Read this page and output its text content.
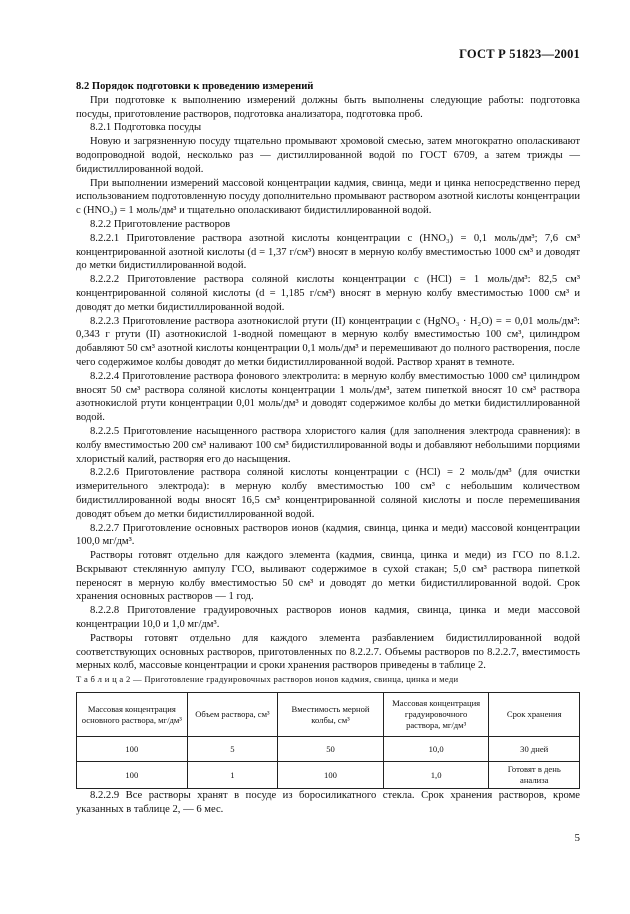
ГОСТ Р 51823—2001

8.2 Порядок подготовки к проведению измерений

При подготовке к выполнению измерений должны быть выполнены следующие работы: подготовка посуды, приготовление растворов, подготовка анализатора, подготовка проб.

8.2.1 Подготовка посуды

Новую и загрязненную посуду тщательно промывают хромовой смесью, затем многократно ополаскивают водопроводной водой, несколько раз — дистиллированной водой по ГОСТ 6709, а затем трижды — бидистиллированной водой.

При выполнении измерений массовой концентрации кадмия, свинца, меди и цинка непосредственно перед использованием подготовленную посуду дополнительно промывают раствором азотной кислоты концентрации c (HNO₃) = 1 моль/дм³ и тщательно ополаскивают бидистиллированной водой.

8.2.2 Приготовление растворов

8.2.2.1 Приготовление раствора азотной кислоты концентрации c (HNO₃) = 0,1 моль/дм³; 7,6 см³ концентрированной азотной кислоты (d = 1,37 г/см³) вносят в мерную колбу вместимостью 1000 см³ и доводят до метки бидистиллированной водой.

8.2.2.2 Приготовление раствора соляной кислоты концентрации c (HCl) = 1 моль/дм³: 82,5 см³ концентрированной соляной кислоты (d = 1,185 г/см³) вносят в мерную колбу вместимостью 1000 см³ и доводят до метки бидистиллированной водой.

8.2.2.3 Приготовление раствора азотнокислой ртути (II) концентрации c (HgNO₃ · H₂O) = = 0,01 моль/дм³: 0,343 г ртути (II) азотнокислой 1-водной помещают в мерную колбу вместимостью 100 см³, цилиндром добавляют 50 см³ азотной кислоты концентрации 0,1 моль/дм³ и перемешивают до полного растворения, после чего содержимое колбы доводят до метки бидистиллированной водой. Раствор хранят в темноте.

8.2.2.4 Приготовление раствора фонового электролита: в мерную колбу вместимостью 1000 см³ цилиндром вносят 50 см³ раствора соляной кислоты концентрации 1 моль/дм³, затем пипеткой вносят 10 см³ раствора азотнокислой ртути концентрации 0,01 моль/дм³ и доводят содержимое колбы до метки бидистиллированной водой.

8.2.2.5 Приготовление насыщенного раствора хлористого калия (для заполнения электрода сравнения): в колбу вместимостью 200 см³ наливают 100 см³ бидистиллированной воды и добавляют небольшими порциями хлористый калий, растворяя его до насыщения.

8.2.2.6 Приготовление раствора соляной кислоты концентрации c (HCl) = 2 моль/дм³ (для очистки измерительного электрода): в мерную колбу вместимостью 100 см³ с небольшим количеством бидистиллированной воды вносят 16,5 см³ концентрированной соляной кислоты и после перемешивания доводят объем до метки бидистиллированной водой.

8.2.2.7 Приготовление основных растворов ионов (кадмия, свинца, цинка и меди) массовой концентрации 100,0 мг/дм³.

Растворы готовят отдельно для каждого элемента (кадмия, свинца, цинка и меди) из ГСО по 8.1.2. Вскрывают стеклянную ампулу ГСО, выливают содержимое в сухой стакан; 5,0 см³ раствора пипеткой переносят в мерную колбу вместимостью 50 см³ и доводят до метки бидистиллированной водой. Срок хранения основных растворов — 1 год.

8.2.2.8 Приготовление градуировочных растворов ионов кадмия, свинца, цинка и меди массовой концентрации 10,0 и 1,0 мг/дм³.

Растворы готовят отдельно для каждого элемента разбавлением бидистиллированной водой соответствующих основных растворов, приготовленных по 8.2.2.7. Объемы растворов по 8.2.2.7, вместимость мерных колб, массовые концентрации и сроки хранения растворов приведены в таблице 2.

Т а б л и ц а 2 — Приготовление градуировочных растворов ионов кадмия, свинца, цинка и меди

Массовая концентрация основного раствора, мг/дм³	Объем раствора, см³	Вместимость мерной колбы, см³	Массовая концентрация градуировочного раствора, мг/дм³	Срок хранения
100	5	50	10,0	30 дней
100	1	100	1,0	Готовят в день анализа

8.2.2.9 Все растворы хранят в посуде из боросиликатного стекла. Срок хранения растворов, кроме указанных в таблице 2, — 6 мес.

5
